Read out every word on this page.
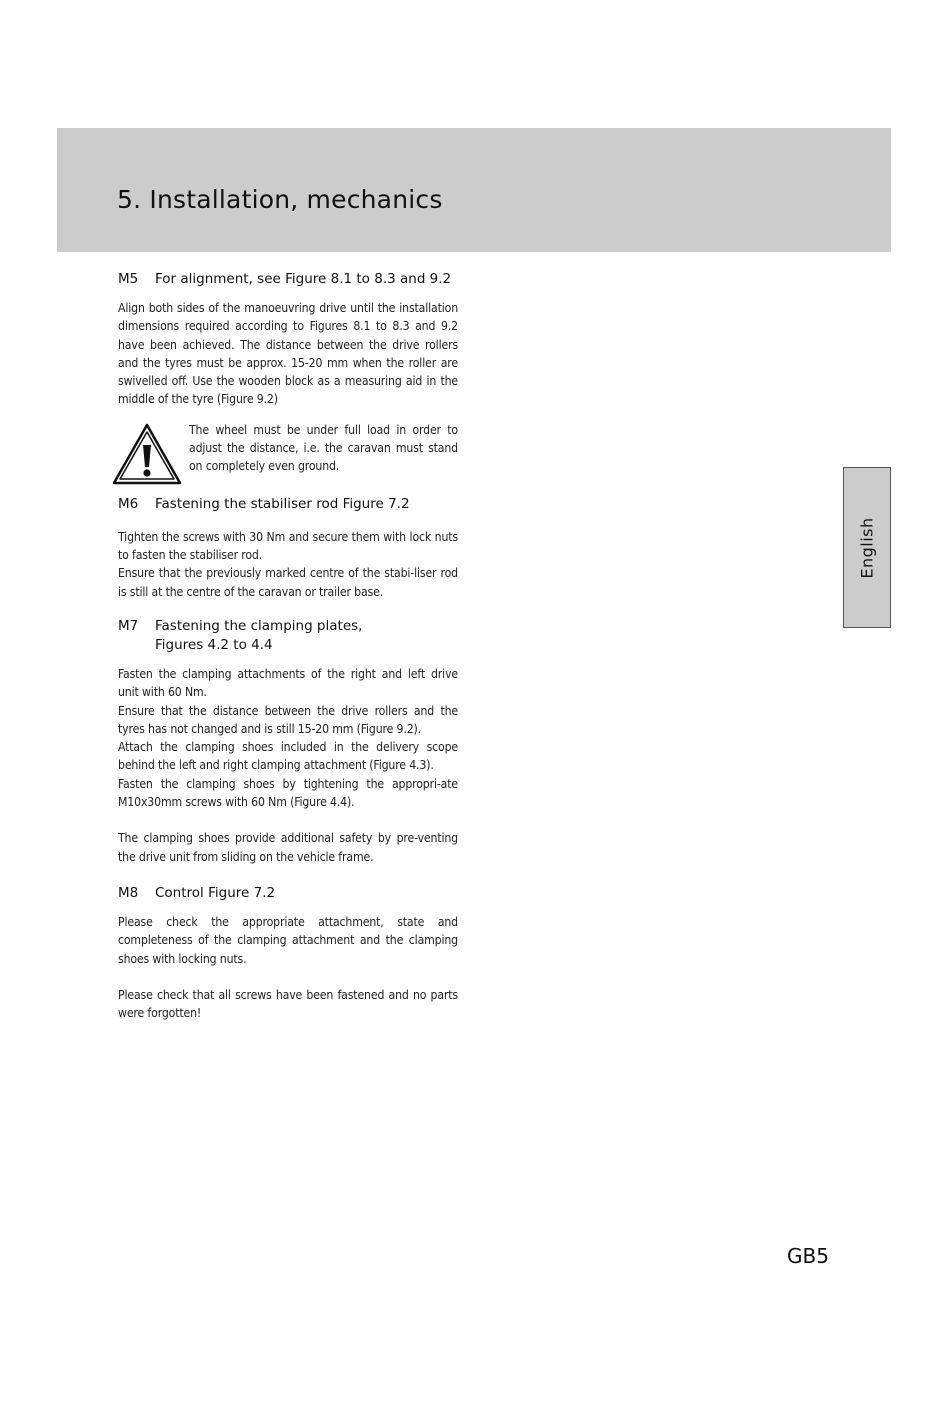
5. Installation, mechanics
M5 For alignment, see Figure 8.1 to 8.3 and 9.2

Align both sides of the manoeuvring drive until the installation dimensions required according to Figures 8.1 to 8.3 and 9.2 have been achieved. The distance between the drive rollers and the tyres must be approx. 15-20 mm when the roller are swivelled off. Use the wooden block as a measuring aid in the middle of the tyre (Figure 9.2)

The wheel must be under full load in order to adjust the distance, i.e. the caravan must stand on completely even ground.

M6 Fastening the stabiliser rod Figure 7.2

Tighten the screws with 30 Nm and secure them with lock nuts to fasten the stabiliser rod.

Ensure that the previously marked centre of the stabi-liser rod is still at the centre of the caravan or trailer base.

M7 Fastening the clamping plates,
Figures 4.2 to 4.4

Fasten the clamping attachments of the right and left drive unit with 60 Nm.

Ensure that the distance between the drive rollers and the tyres has not changed and is still 15-20 mm (Figure 9.2).

Attach the clamping shoes included in the delivery scope behind the left and right clamping attachment (Figure 4.3).

Fasten the clamping shoes by tightening the appropri-ate M10x30mm screws with 60 Nm (Figure 4.4).

The clamping shoes provide additional safety by pre-venting the drive unit from sliding on the vehicle frame.

M8 Control Figure 7.2

Please check the appropriate attachment, state and completeness of the clamping attachment and the clamping shoes with locking nuts.

Please check that all screws have been fastened and no parts were forgotten!

English
GB5
